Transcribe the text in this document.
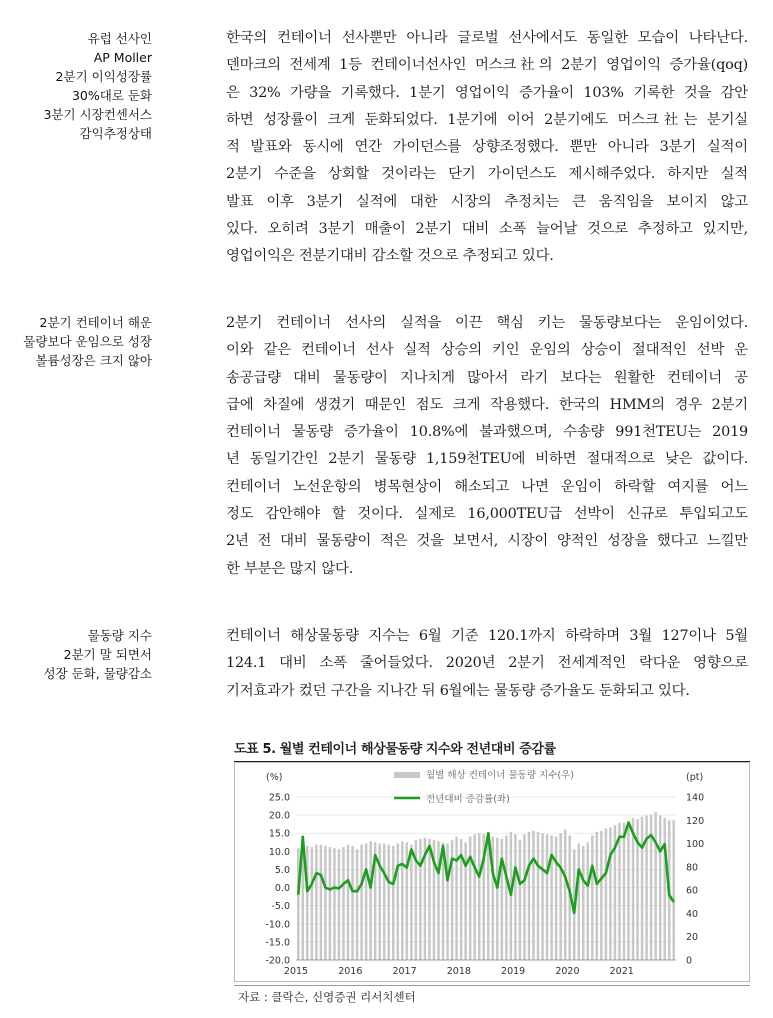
유럽 선사인
AP Moller
2분기 이익성장률
30%대로 둔화
3분기 시장컨센서스
감익추정상태
한국의 컨테이너 선사뿐만 아니라 글로벌 선사에서도 동일한 모습이 나타난다.
덴마크의 전세계 1등 컨테이너선사인 머스크社의 2분기 영업이익 증가율(qoq)
은 32% 가량을 기록했다. 1분기 영업이익 증가율이 103% 기록한 것을 감안
하면 성장률이 크게 둔화되었다. 1분기에 이어 2분기에도 머스크社는 분기실
적 발표와 동시에 연간 가이던스를 상향조정했다. 뿐만 아니라 3분기 실적이
2분기 수준을 상회할 것이라는 단기 가이던스도 제시해주었다. 하지만 실적
발표 이후 3분기 실적에 대한 시장의 추정치는 큰 움직임을 보이지 않고
있다. 오히려 3분기 매출이 2분기 대비 소폭 늘어날 것으로 추정하고 있지만,
영업이익은 전분기대비 감소할 것으로 추정되고 있다.
2분기 컨테이너 해운
물량보다 운임으로 성장
볼륨성장은 크지 않아
2분기 컨테이너 선사의 실적을 이끈 핵심 키는 물동량보다는 운임이었다.
이와 같은 컨테이너 선사 실적 상승의 키인 운임의 상승이 절대적인 선박 운
송공급량 대비 물동량이 지나치게 많아서 라기 보다는 원활한 컨테이너 공
급에 차질에 생겼기 때문인 점도 크게 작용했다. 한국의 HMM의 경우 2분기
컨테이너 물동량 증가율이 10.8%에 불과했으며, 수송량 991천TEU는 2019
년 동일기간인 2분기 물동량 1,159천TEU에 비하면 절대적으로 낮은 값이다.
컨테이너 노선운항의 병목현상이 해소되고 나면 운임이 하락할 여지를 어느
정도 감안해야 할 것이다. 실제로 16,000TEU급 선박이 신규로 투입되고도
2년 전 대비 물동량이 적은 것을 보면서, 시장이 양적인 성장을 했다고 느낄만
한 부분은 많지 않다.
물동량 지수
2분기 말 되면서
성장 둔화, 물량감소
컨테이너 해상물동량 지수는 6월 기준 120.1까지 하락하며 3월 127이나 5월
124.1 대비 소폭 줄어들었다. 2020년 2분기 전세계적인 락다운 영향으로
기저효과가 컸던 구간을 지나간 뒤 6월에는 물동량 증가율도 둔화되고 있다.
도표 5. 월별 컨테이너 해상물동량 지수와 전년대비 증감률
25.0
20.0
15.0
10.0
5.0
0.0
-5.0
-10.0
-15.0
-20.0
140
120
100
80
60
40
20
0
(%)	(pt)
2015	2016	2017	2018	2019	2020	2021
월별 해상 컨테이너 물동량 지수(우)
전년대비 증감률(좌)
자료 : 클락슨, 신영증권 리서치센터
